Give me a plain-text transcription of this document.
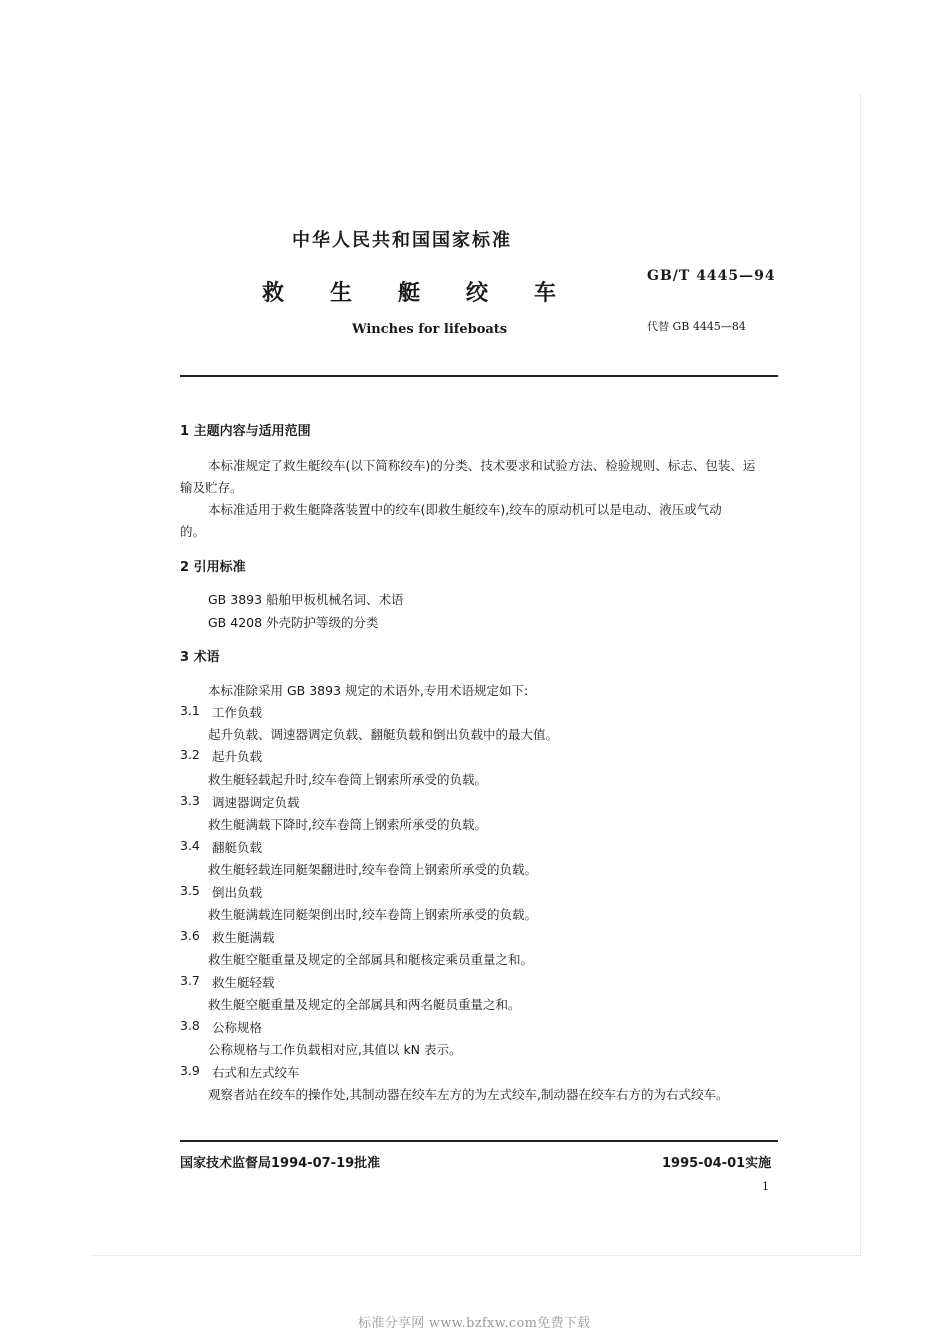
中华人民共和国国家标准
救 生 艇 绞 车
Winches for lifeboats
GB/T 4445—94
代替 GB 4445—84
1 主题内容与适用范围
本标准规定了救生艇绞车(以下简称绞车)的分类、技术要求和试验方法、检验规则、标志、包装、运
输及贮存。
本标准适用于救生艇降落装置中的绞车(即救生艇绞车),绞车的原动机可以是电动、液压或气动
的。
2 引用标准
GB 3893 船舶甲板机械名词、术语
GB 4208 外壳防护等级的分类
3 术语
本标准除采用 GB 3893 规定的术语外,专用术语规定如下:
3.1 工作负载
起升负载、调速器调定负载、翻艇负载和倒出负载中的最大值。
3.2 起升负载
救生艇轻载起升时,绞车卷筒上钢索所承受的负载。
3.3 调速器调定负载
救生艇满载下降时,绞车卷筒上钢索所承受的负载。
3.4 翻艇负载
救生艇轻载连同艇架翻进时,绞车卷筒上钢索所承受的负载。
3.5 倒出负载
救生艇满载连同艇架倒出时,绞车卷筒上钢索所承受的负载。
3.6 救生艇满载
救生艇空艇重量及规定的全部属具和艇核定乘员重量之和。
3.7 救生艇轻载
救生艇空艇重量及规定的全部属具和两名艇员重量之和。
3.8 公称规格
公称规格与工作负载相对应,其值以 kN 表示。
3.9 右式和左式绞车
观察者站在绞车的操作处,其制动器在绞车左方的为左式绞车,制动器在绞车右方的为右式绞车。
国家技术监督局1994-07-19批准	1995-04-01实施
1
标准分享网 www.bzfxw.com免费下载
